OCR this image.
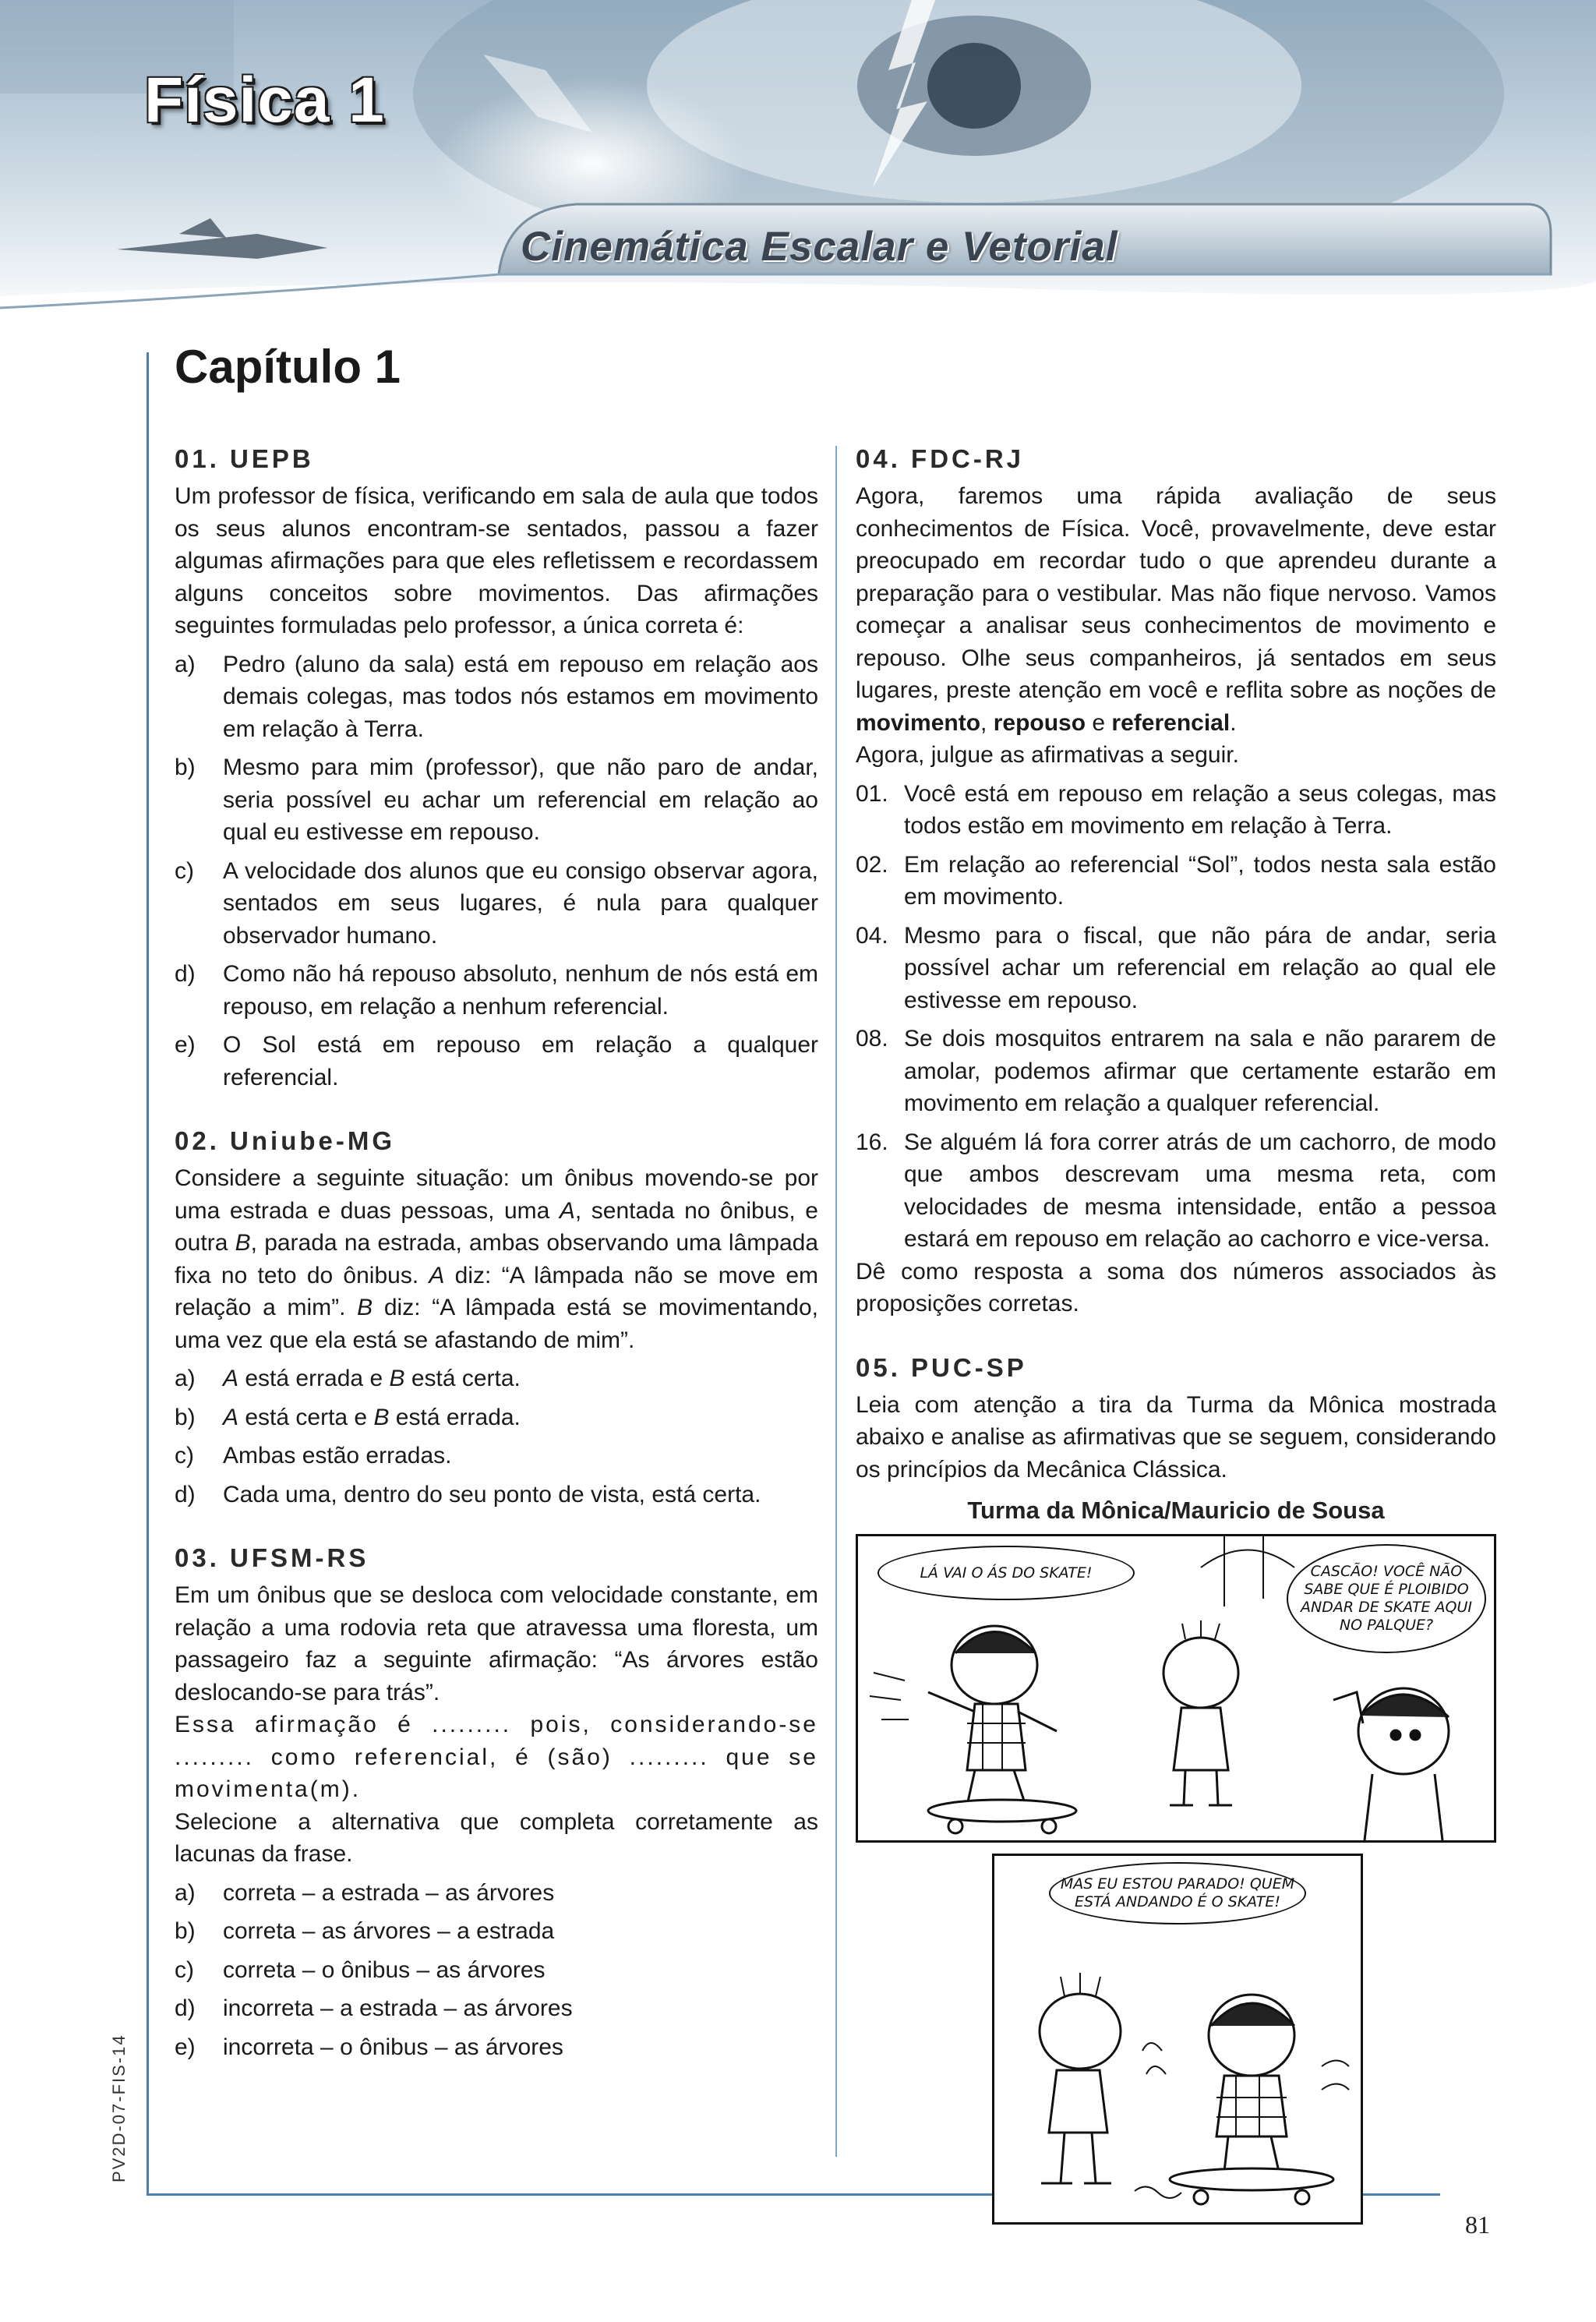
Física 1
Cinemática Escalar e Vetorial
Capítulo 1
01. UEPB

Um professor de física, verificando em sala de aula que todos os seus alunos encontram-se sentados, passou a fazer algumas afirmações para que eles refletissem e recordassem alguns conceitos sobre movimentos. Das afirmações seguintes formuladas pelo professor, a única correta é:

a)	Pedro (aluno da sala) está em repouso em relação aos demais colegas, mas todos nós estamos em movimento em relação à Terra.
b)	Mesmo para mim (professor), que não paro de andar, seria possível eu achar um referencial em relação ao qual eu estivesse em repouso.
c)	A velocidade dos alunos que eu consigo observar agora, sentados em seus lugares, é nula para qualquer observador humano.
d)	Como não há repouso absoluto, nenhum de nós está em repouso, em relação a nenhum referencial.
e)	O Sol está em repouso em relação a qualquer referencial.
02. Uniube-MG

Considere a seguinte situação: um ônibus movendo-se por uma estrada e duas pessoas, uma A, sentada no ônibus, e outra B, parada na estrada, ambas observando uma lâmpada fixa no teto do ônibus. A diz: “A lâmpada não se move em relação a mim”. B diz: “A lâmpada está se movimentando, uma vez que ela está se afastando de mim”.

a)	A está errada e B está certa.
b)	A está certa e B está errada.
c)	Ambas estão erradas.
d)	Cada uma, dentro do seu ponto de vista, está certa.
03. UFSM-RS

Em um ônibus que se desloca com velocidade constante, em relação a uma rodovia reta que atravessa uma floresta, um passageiro faz a seguinte afirmação: “As árvores estão deslocando-se para trás”.

Essa afirmação é ......... pois, considerando-se ......... como referencial, é (são) ......... que se movimenta(m).

Selecione a alternativa que completa corretamente as lacunas da frase.

a)	correta – a estrada – as árvores
b)	correta – as árvores – a estrada
c)	correta – o ônibus – as árvores
d)	incorreta – a estrada – as árvores
e)	incorreta – o ônibus – as árvores
04. FDC-RJ

Agora, faremos uma rápida avaliação de seus conhecimentos de Física. Você, provavelmente, deve estar preocupado em recordar tudo o que aprendeu durante a preparação para o vestibular. Mas não fique nervoso. Vamos começar a analisar seus conhecimentos de movimento e repouso. Olhe seus companheiros, já sentados em seus lugares, preste atenção em você e reflita sobre as noções de movimento, repouso e referencial.

Agora, julgue as afirmativas a seguir.

01. Você está em repouso em relação a seus colegas, mas todos estão em movimento em relação à Terra.
02. Em relação ao referencial “Sol”, todos nesta sala estão em movimento.
04. Mesmo para o fiscal, que não pára de andar, seria possível achar um referencial em relação ao qual ele estivesse em repouso.
08. Se dois mosquitos entrarem na sala e não pararem de amolar, podemos afirmar que certamente estarão em movimento em relação a qualquer referencial.
16. Se alguém lá fora correr atrás de um cachorro, de modo que ambos descrevam uma mesma reta, com velocidades de mesma intensidade, então a pessoa estará em repouso em relação ao cachorro e vice-versa.

Dê como resposta a soma dos números associados às proposições corretas.

05. PUC-SP

Leia com atenção a tira da Turma da Mônica mostrada abaixo e analise as afirmativas que se seguem, considerando os princípios da Mecânica Clássica.

Turma da Mônica/Mauricio de Sousa
LÁ VAI O ÁS DO SKATE!	CASCÃO! VOCÊ NÃO SABE QUE É PLOIBIDO ANDAR DE SKATE AQUI NO PALQUE?
MAS EU ESTOU PARADO! QUEM ESTÁ ANDANDO É O SKATE!
PV2D-07-FIS-14
81
